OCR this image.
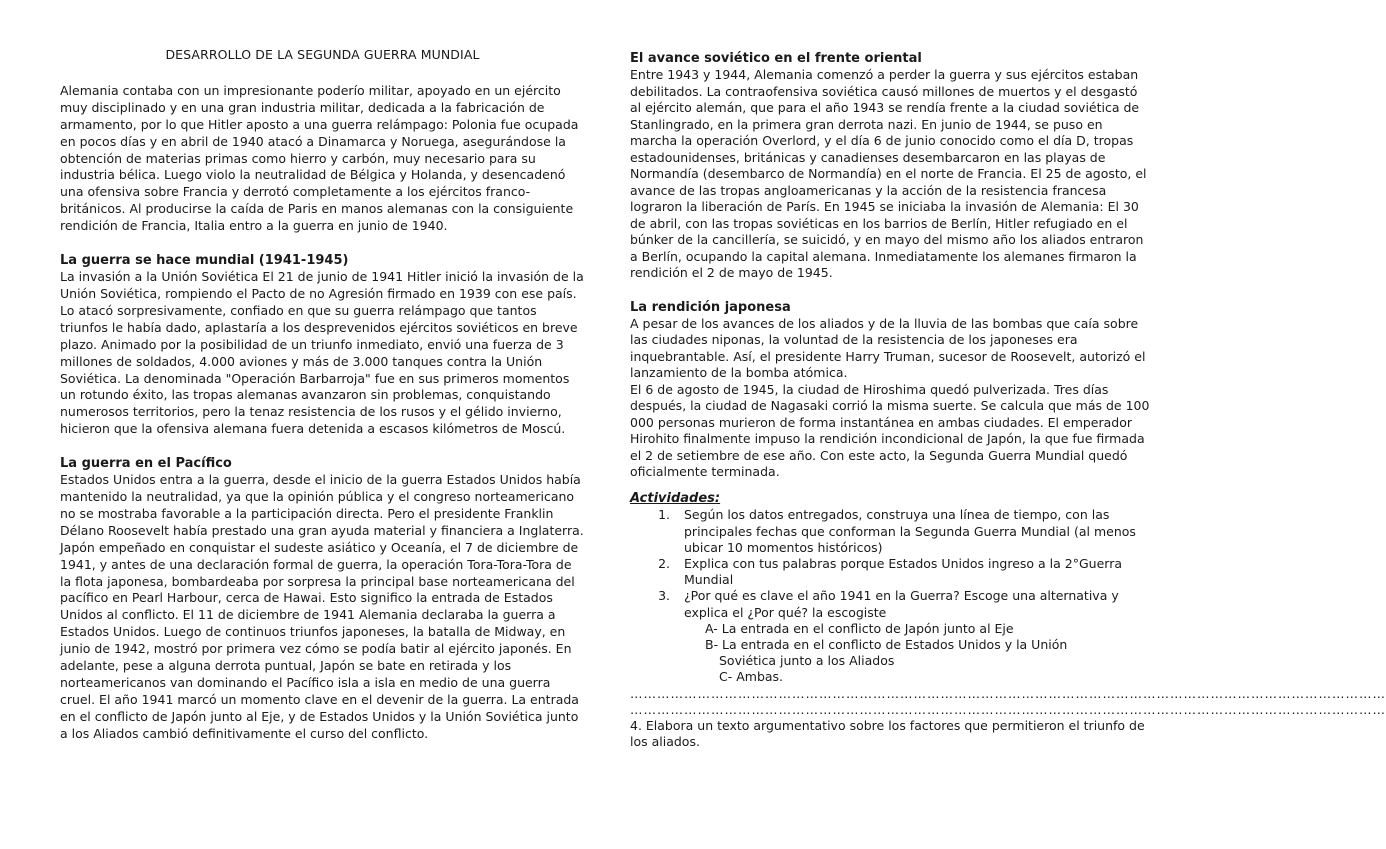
DESARROLLO DE LA SEGUNDA GUERRA MUNDIAL

Alemania contaba con un impresionante poderío militar, apoyado en un ejército muy disciplinado y en una gran industria militar, dedicada a la fabricación de armamento, por lo que Hitler aposto a una guerra relámpago: Polonia fue ocupada en pocos días y en abril de 1940 atacó a Dinamarca y Noruega, asegurándose la obtención de materias primas como hierro y carbón, muy necesario para su industria bélica. Luego violo la neutralidad de Bélgica y Holanda, y desencadenó una ofensiva sobre Francia y derrotó completamente a los ejércitos franco-británicos. Al producirse la caída de Paris en manos alemanas con la consiguiente rendición de Francia, Italia entro a la guerra en junio de 1940.

La guerra se hace mundial (1941-1945)

La invasión a la Unión Soviética El 21 de junio de 1941 Hitler inició la invasión de la Unión Soviética, rompiendo el Pacto de no Agresión firmado en 1939 con ese país. Lo atacó sorpresivamente, confiado en que su guerra relámpago que tantos triunfos le había dado, aplastaría a los desprevenidos ejércitos soviéticos en breve plazo. Animado por la posibilidad de un triunfo inmediato, envió una fuerza de 3 millones de soldados, 4.000 aviones y más de 3.000 tanques contra la Unión Soviética. La denominada "Operación Barbarroja" fue en sus primeros momentos un rotundo éxito, las tropas alemanas avanzaron sin problemas, conquistando numerosos territorios, pero la tenaz resistencia de los rusos y el gélido invierno, hicieron que la ofensiva alemana fuera detenida a escasos kilómetros de Moscú.

La guerra en el Pacífico

Estados Unidos entra a la guerra, desde el inicio de la guerra Estados Unidos había mantenido la neutralidad, ya que la opinión pública y el congreso norteamericano no se mostraba favorable a la participación directa. Pero el presidente Franklin Délano Roosevelt había prestado una gran ayuda material y financiera a Inglaterra. Japón empeñado en conquistar el sudeste asiático y Oceanía, el 7 de diciembre de 1941, y antes de una declaración formal de guerra, la operación Tora-Tora-Tora de la flota japonesa, bombardeaba por sorpresa la principal base norteamericana del pacífico en Pearl Harbour, cerca de Hawai. Esto significo la entrada de Estados Unidos al conflicto. El 11 de diciembre de 1941 Alemania declaraba la guerra a Estados Unidos. Luego de continuos triunfos japoneses, la batalla de Midway, en junio de 1942, mostró por primera vez cómo se podía batir al ejército japonés. En adelante, pese a alguna derrota puntual, Japón se bate en retirada y los norteamericanos van dominando el Pacífico isla a isla en medio de una guerra cruel. El año 1941 marcó un momento clave en el devenir de la guerra. La entrada en el conflicto de Japón junto al Eje, y de Estados Unidos y la Unión Soviética junto a los Aliados cambió definitivamente el curso del conflicto.

El avance soviético en el frente oriental

Entre 1943 y 1944, Alemania comenzó a perder la guerra y sus ejércitos estaban debilitados. La contraofensiva soviética causó millones de muertos y el desgastó al ejército alemán, que para el año 1943 se rendía frente a la ciudad soviética de Stanlingrado, en la primera gran derrota nazi. En junio de 1944, se puso en marcha la operación Overlord, y el día 6 de junio conocido como el día D, tropas estadounidenses, británicas y canadienses desembarcaron en las playas de Normandía (desembarco de Normandía) en el norte de Francia. El 25 de agosto, el avance de las tropas angloamericanas y la acción de la resistencia francesa lograron la liberación de París. En 1945 se iniciaba la invasión de Alemania: El 30 de abril, con las tropas soviéticas en los barrios de Berlín, Hitler refugiado en el búnker de la cancillería, se suicidó, y en mayo del mismo año los aliados entraron a Berlín, ocupando la capital alemana. Inmediatamente los alemanes firmaron la rendición el 2 de mayo de 1945.

La rendición japonesa

A pesar de los avances de los aliados y de la lluvia de las bombas que caía sobre las ciudades niponas, la voluntad de la resistencia de los japoneses era inquebrantable. Así, el presidente Harry Truman, sucesor de Roosevelt, autorizó el lanzamiento de la bomba atómica.

El 6 de agosto de 1945, la ciudad de Hiroshima quedó pulverizada. Tres días después, la ciudad de Nagasaki corrió la misma suerte. Se calcula que más de 100 000 personas murieron de forma instantánea en ambas ciudades. El emperador Hirohito finalmente impuso la rendición incondicional de Japón, la que fue firmada el 2 de setiembre de ese año. Con este acto, la Segunda Guerra Mundial quedó oficialmente terminada.

Actividades:
1. Según los datos entregados, construya una línea de tiempo, con las principales fechas que conforman la Segunda Guerra Mundial (al menos ubicar 10 momentos históricos)
2. Explica con tus palabras porque Estados Unidos ingreso a la 2°Guerra Mundial
3. ¿Por qué es clave el año 1941 en la Guerra? Escoge una alternativa y explica el ¿Por qué? la escogiste
A- La entrada en el conflicto de Japón junto al Eje
B- La entrada en el conflicto de Estados Unidos y la Unión
Soviética junto a los Aliados
C- Ambas.
……………………………………………………………………………………………………………………………………………………
……………………………………………………………………………………………………………………………………………………

4. Elabora un texto argumentativo sobre los factores que permitieron el triunfo de los aliados.
